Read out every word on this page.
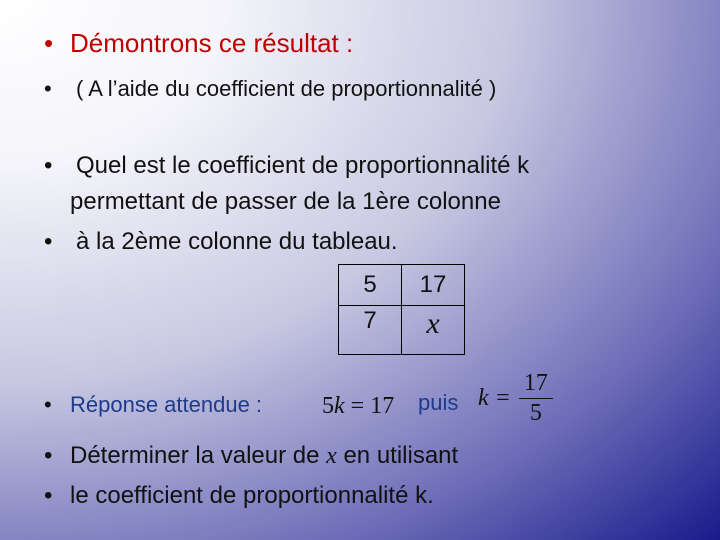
• Démontrons ce résultat :
• ( A l’aide du coefficient de proportionnalité )
• Quel est le coefficient de proportionnalité k
permettant de passer de la 1ère colonne
• à la 2ème colonne du tableau.
5	17
7	x
• Réponse attendue : 5k = 17 puis $k = \frac{17}{5}$
• Déterminer la valeur de x en utilisant
• le coefficient de proportionnalité k.
